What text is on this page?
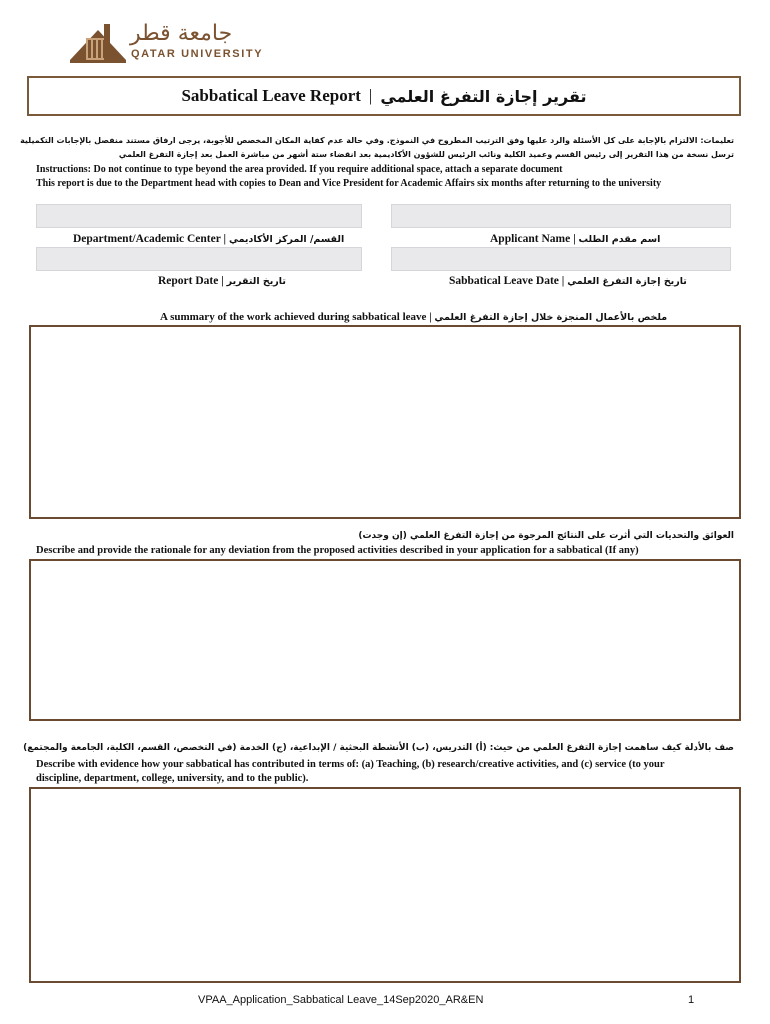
جامعة قطر
QATAR UNIVERSITY
Sabbatical Leave Report | تقرير إجازة التفرغ العلمي
تعليمات: الالتزام بالإجابة على كل الأسئلة والرد عليها وفق الترتيب المطروح في النموذج. وفي حالة عدم كفاية المكان المخصص للأجوبة، يرجى ارفاق مستند منفصل بالإجابات التكميلية
ترسل نسخة من هذا التقرير إلى رئيس القسم وعميد الكلية ونائب الرئيس للشؤون الأكاديمية بعد انقضاء ستة أشهر من مباشرة العمل بعد إجازة التفرغ العلمي
Instructions: Do not continue to type beyond the area provided. If you require additional space, attach a separate document
This report is due to the Department head with copies to Dean and Vice President for Academic Affairs six months after returning to the university
Department/Academic Center | القسم/ المركز الأكاديمي	Applicant Name | اسم مقدم الطلب
Report Date | تاريخ التقرير	Sabbatical Leave Date | تاريخ إجازة التفرغ العلمي
A summary of the work achieved during sabbatical leave | ملخص بالأعمال المنجزة خلال إجازة التفرغ العلمي
العوائق والتحديات التي أثرت على النتائج المرجوة من إجازة التفرغ العلمي (إن وجدت)
Describe and provide the rationale for any deviation from the proposed activities described in your application for a sabbatical (If any)
صف بالأدلة كيف ساهمت إجازة التفرغ العلمي من حيث: (أ) التدريس، (ب) الأنشطة البحثية / الإبداعية، (ج) الخدمة (في التخصص، القسم، الكلية، الجامعة والمجتمع)
Describe with evidence how your sabbatical has contributed in terms of: (a) Teaching, (b) research/creative activities, and (c) service (to your
discipline, department, college, university, and to the public).
VPAA_Application_Sabbatical Leave_14Sep2020_AR&EN	1
